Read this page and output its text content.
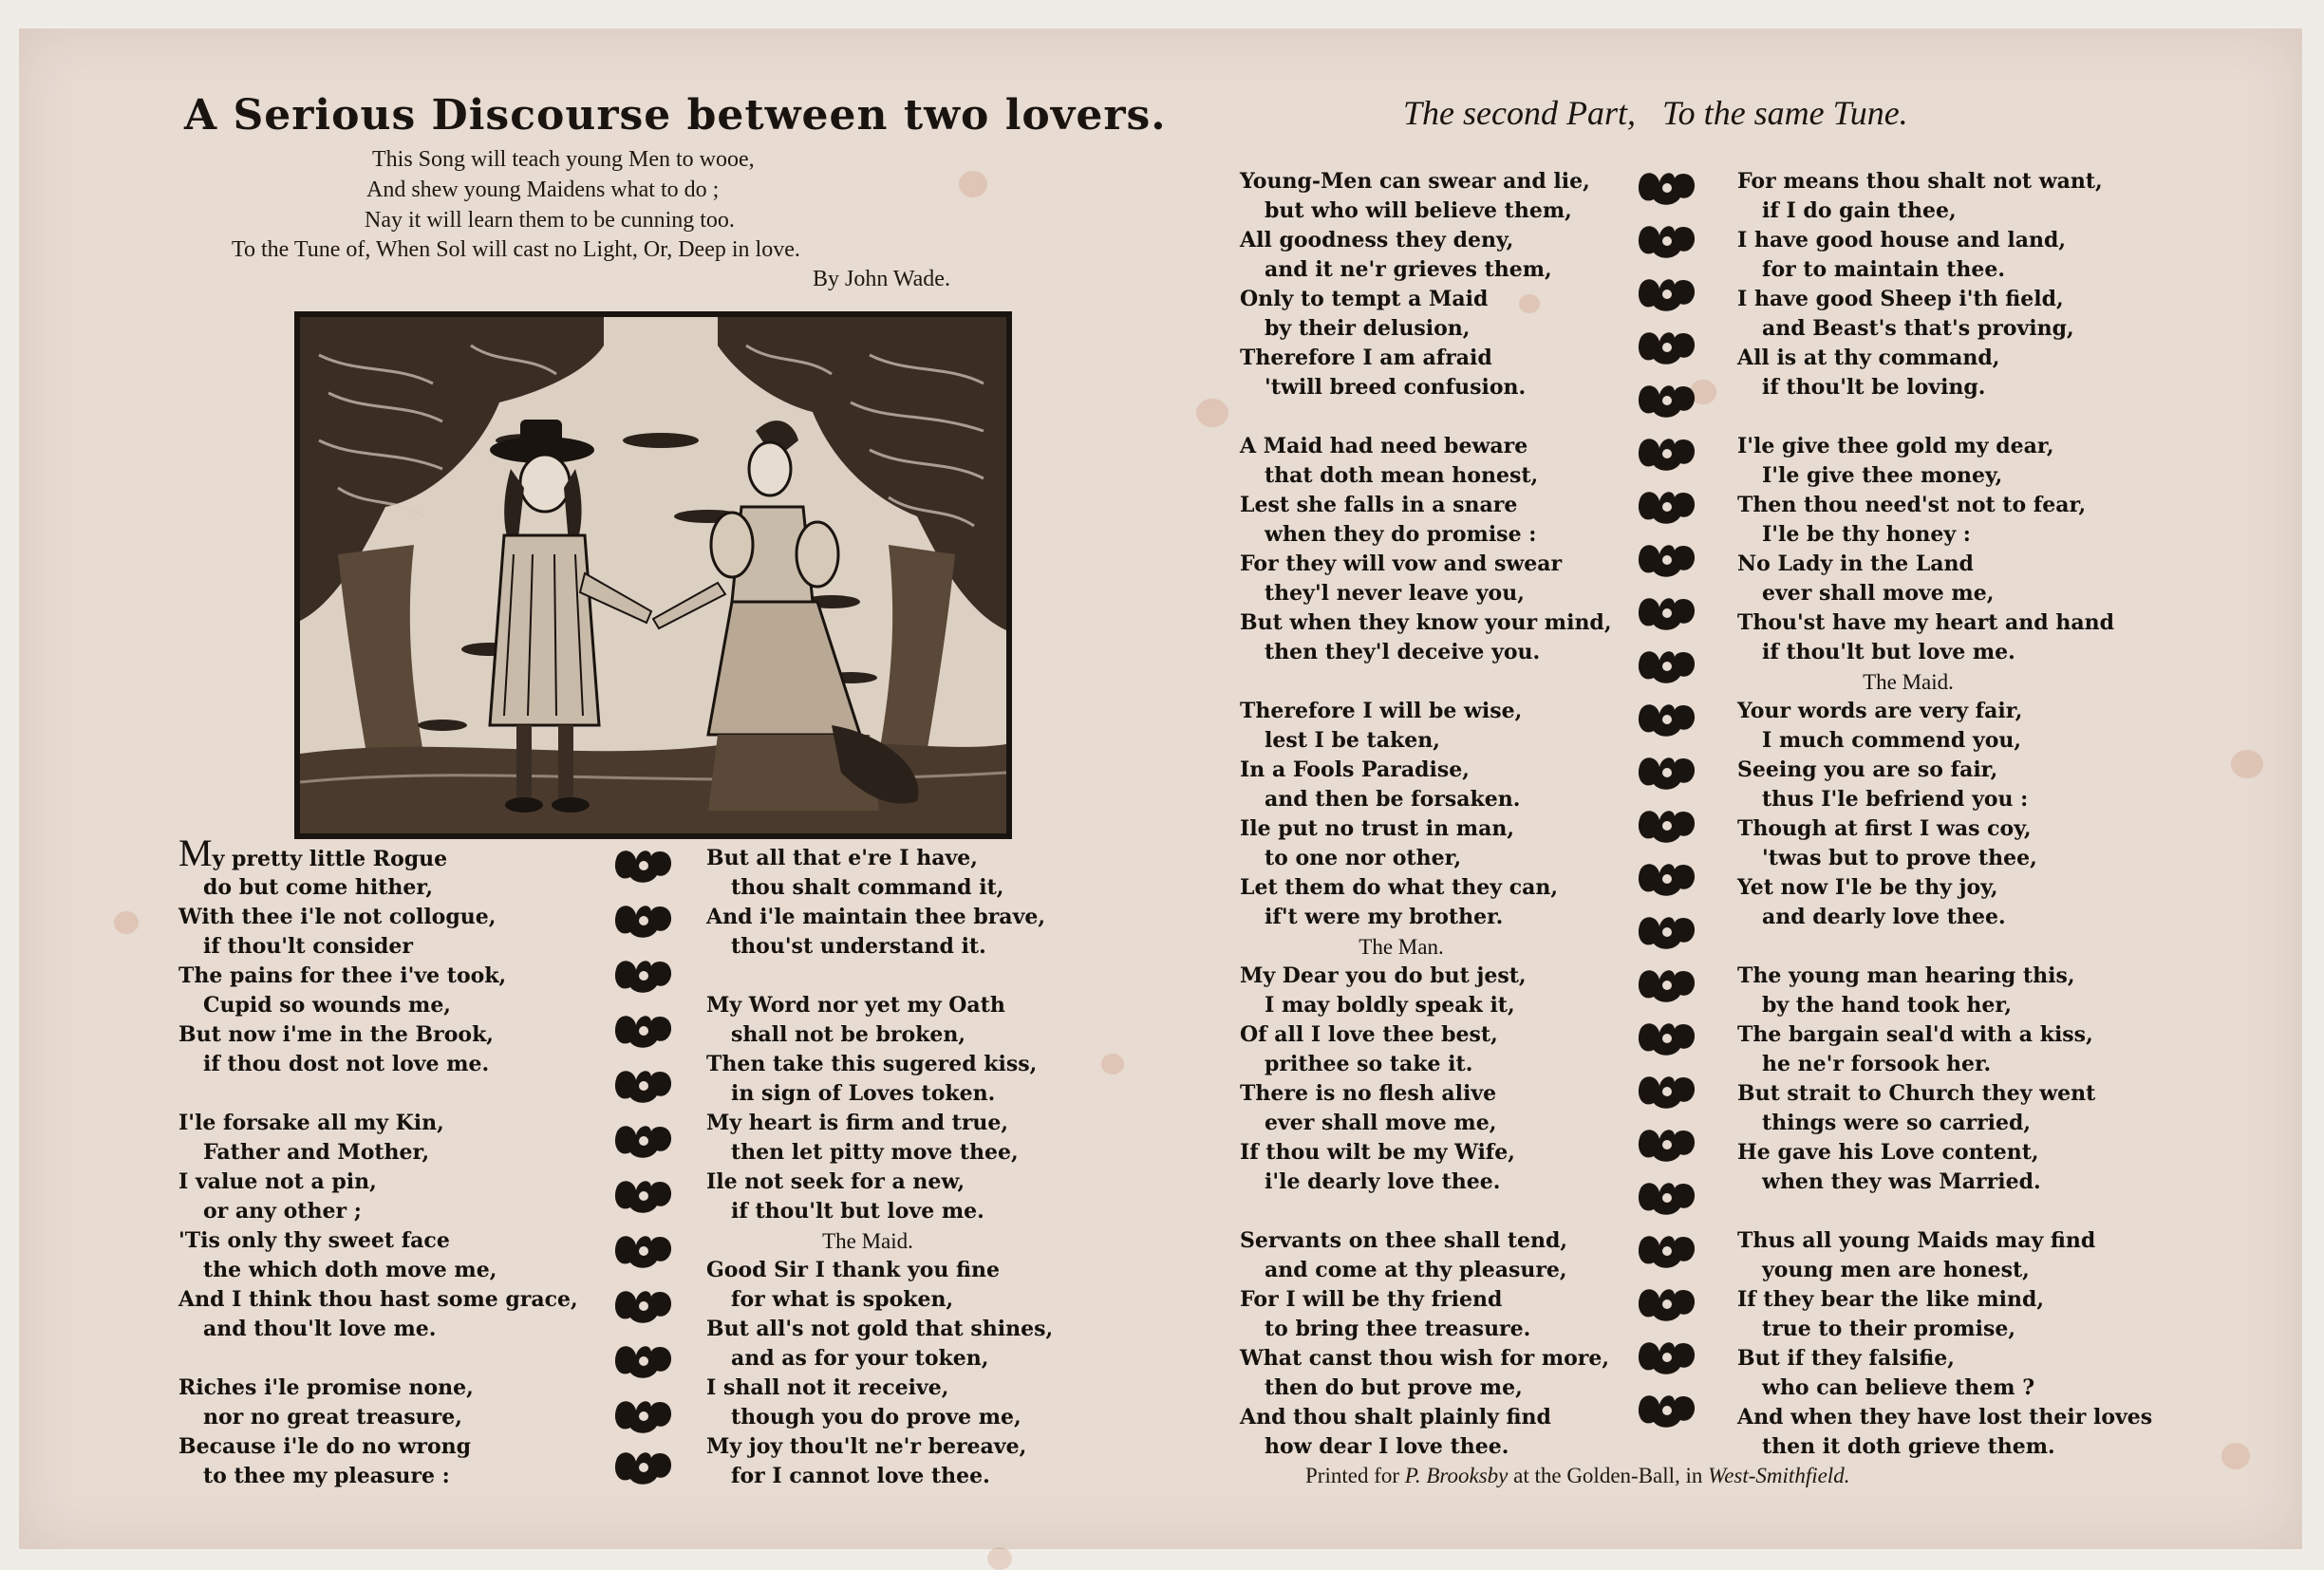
A Serious Discourse between two lovers.
This Song will teach young Men to wooe,
And shew young Maidens what to do ;
Nay it will learn them to be cunning too.
To the Tune of, When Sol will cast no Light, Or, Deep in love.
By John Wade.
The second Part, To the same Tune.
My pretty little Rogue
do but come hither,
With thee i'le not collogue,
if thou'lt consider
The pains for thee i've took,
Cupid so wounds me,
But now i'me in the Brook,
if thou dost not love me.
I'le forsake all my Kin,
Father and Mother,
I value not a pin,
or any other ;
'Tis only thy sweet face
the which doth move me,
And I think thou hast some grace,
and thou'lt love me.
Riches i'le promise none,
nor no great treasure,
Because i'le do no wrong
to thee my pleasure :
But all that e're I have,
thou shalt command it,
And i'le maintain thee brave,
thou'st understand it.
My Word nor yet my Oath
shall not be broken,
Then take this sugered kiss,
in sign of Loves token.
My heart is firm and true,
then let pitty move thee,
Ile not seek for a new,
if thou'lt but love me.
The Maid.
Good Sir I thank you fine
for what is spoken,
But all's not gold that shines,
and as for your token,
I shall not it receive,
though you do prove me,
My joy thou'lt ne'r bereave,
for I cannot love thee.
Young-Men can swear and lie,
but who will believe them,
All goodness they deny,
and it ne'r grieves them,
Only to tempt a Maid
by their delusion,
Therefore I am afraid
'twill breed confusion.
A Maid had need beware
that doth mean honest,
Lest she falls in a snare
when they do promise :
For they will vow and swear
they'l never leave you,
But when they know your mind,
then they'l deceive you.
Therefore I will be wise,
lest I be taken,
In a Fools Paradise,
and then be forsaken.
Ile put no trust in man,
to one nor other,
Let them do what they can,
if't were my brother.
The Man.
My Dear you do but jest,
I may boldly speak it,
Of all I love thee best,
prithee so take it.
There is no flesh alive
ever shall move me,
If thou wilt be my Wife,
i'le dearly love thee.
Servants on thee shall tend,
and come at thy pleasure,
For I will be thy friend
to bring thee treasure.
What canst thou wish for more,
then do but prove me,
And thou shalt plainly find
how dear I love thee.
For means thou shalt not want,
if I do gain thee,
I have good house and land,
for to maintain thee.
I have good Sheep i'th field,
and Beast's that's proving,
All is at thy command,
if thou'lt be loving.
I'le give thee gold my dear,
I'le give thee money,
Then thou need'st not to fear,
I'le be thy honey :
No Lady in the Land
ever shall move me,
Thou'st have my heart and hand
if thou'lt but love me.
The Maid.
Your words are very fair,
I much commend you,
Seeing you are so fair,
thus I'le befriend you :
Though at first I was coy,
'twas but to prove thee,
Yet now I'le be thy joy,
and dearly love thee.
The young man hearing this,
by the hand took her,
The bargain seal'd with a kiss,
he ne'r forsook her.
But strait to Church they went
things were so carried,
He gave his Love content,
when they was Married.
Thus all young Maids may find
young men are honest,
If they bear the like mind,
true to their promise,
But if they falsifie,
who can believe them ?
And when they have lost their loves
then it doth grieve them.
Printed for P. Brooksby at the Golden-Ball, in West-Smithfield.
